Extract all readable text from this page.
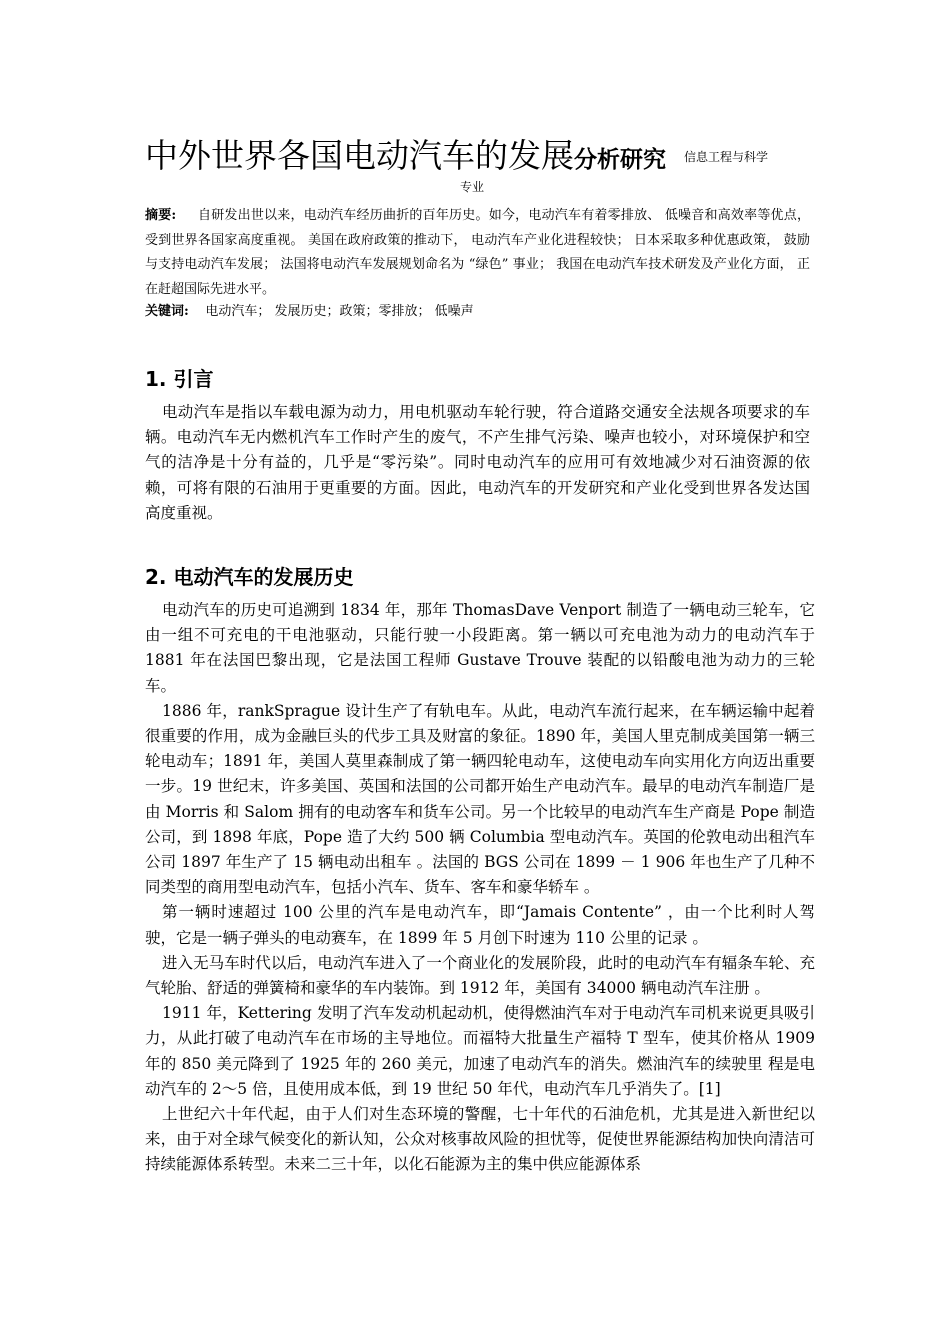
中外世界各国电动汽车的发展分析研究 $^{信息工程与科学}$
专业
摘要: 自研发出世以来，电动汽车经历曲折的百年历史。如今，电动汽车有着零排放、 低噪音和高效率等优点， 受到世界各国家高度重视。 美国在政府政策的推动下， 电动汽车产业化进程较快； 日本采取多种优惠政策， 鼓励与支持电动汽车发展； 法国将电动汽车发展规划命名为 “绿色” 事业； 我国在电动汽车技术研发及产业化方面， 正在赶超国际先进水平。
关键词: 电动汽车； 发展历史；政策；零排放； 低噪声
1. 引言

电动汽车是指以车载电源为动力，用电机驱动车轮行驶，符合道路交通安全法规各项要求的车辆。电动汽车无内燃机汽车工作时产生的废气，不产生排气污染、噪声也较小，对环境保护和空气的洁净是十分有益的，几乎是“零污染”。同时电动汽车的应用可有效地减少对石油资源的依赖，可将有限的石油用于更重要的方面。因此，电动汽车的开发研究和产业化受到世界各发达国高度重视。

2. 电动汽车的发展历史

电动汽车的历史可追溯到 1834 年，那年 ThomasDave Venport 制造了一辆电动三轮车，它由一组不可充电的干电池驱动，只能行驶一小段距离。第一辆以可充电池为动力的电动汽车于 1881 年在法国巴黎出现，它是法国工程师 Gustave Trouve 装配的以铅酸电池为动力的三轮车。

1886 年，rankSprague 设计生产了有轨电车。从此，电动汽车流行起来，在车辆运输中起着很重要的作用，成为金融巨头的代步工具及财富的象征。1890 年，美国人里克制成美国第一辆三轮电动车；1891 年，美国人莫里森制成了第一辆四轮电动车，这使电动车向实用化方向迈出重要一步。19 世纪末，许多美国、英国和法国的公司都开始生产电动汽车。最早的电动汽车制造厂是由 Morris 和 Salom 拥有的电动客车和货车公司。另一个比较早的电动汽车生产商是 Pope 制造公司，到 1898 年底，Pope 造了大约 500 辆 Columbia 型电动汽车。英国的伦敦电动出租汽车公司 1897 年生产了 15 辆电动出租车 。法国的 BGS 公司在 1899 － 1 906 年也生产了几种不同类型的商用型电动汽车，包括小汽车、货车、客车和豪华轿车 。

第一辆时速超过 100 公里的汽车是电动汽车，即“Jamais Contente” ，由一个比利时人驾驶，它是一辆子弹头的电动赛车，在 1899 年 5 月创下时速为 110 公里的记录 。

进入无马车时代以后，电动汽车进入了一个商业化的发展阶段，此时的电动汽车有辐条车轮、充气轮胎、舒适的弹簧椅和豪华的车内装饰。到 1912 年，美国有 34000 辆电动汽车注册 。

1911 年，Kettering 发明了汽车发动机起动机，使得燃油汽车对于电动汽车司机来说更具吸引力，从此打破了电动汽车在市场的主导地位。而福特大批量生产福特 T 型车，使其价格从 1909 年的 850 美元降到了 1925 年的 260 美元，加速了电动汽车的消失。燃油汽车的续驶里 程是电动汽车的 2～5 倍，且使用成本低，到 19 世纪 50 年代，电动汽车几乎消失了。[1]

上世纪六十年代起，由于人们对生态环境的警醒，七十年代的石油危机，尤其是进入新世纪以来，由于对全球气候变化的新认知，公众对核事故风险的担忧等，促使世界能源结构加快向清洁可持续能源体系转型。未来二三十年，以化石能源为主的集中供应能源体系
